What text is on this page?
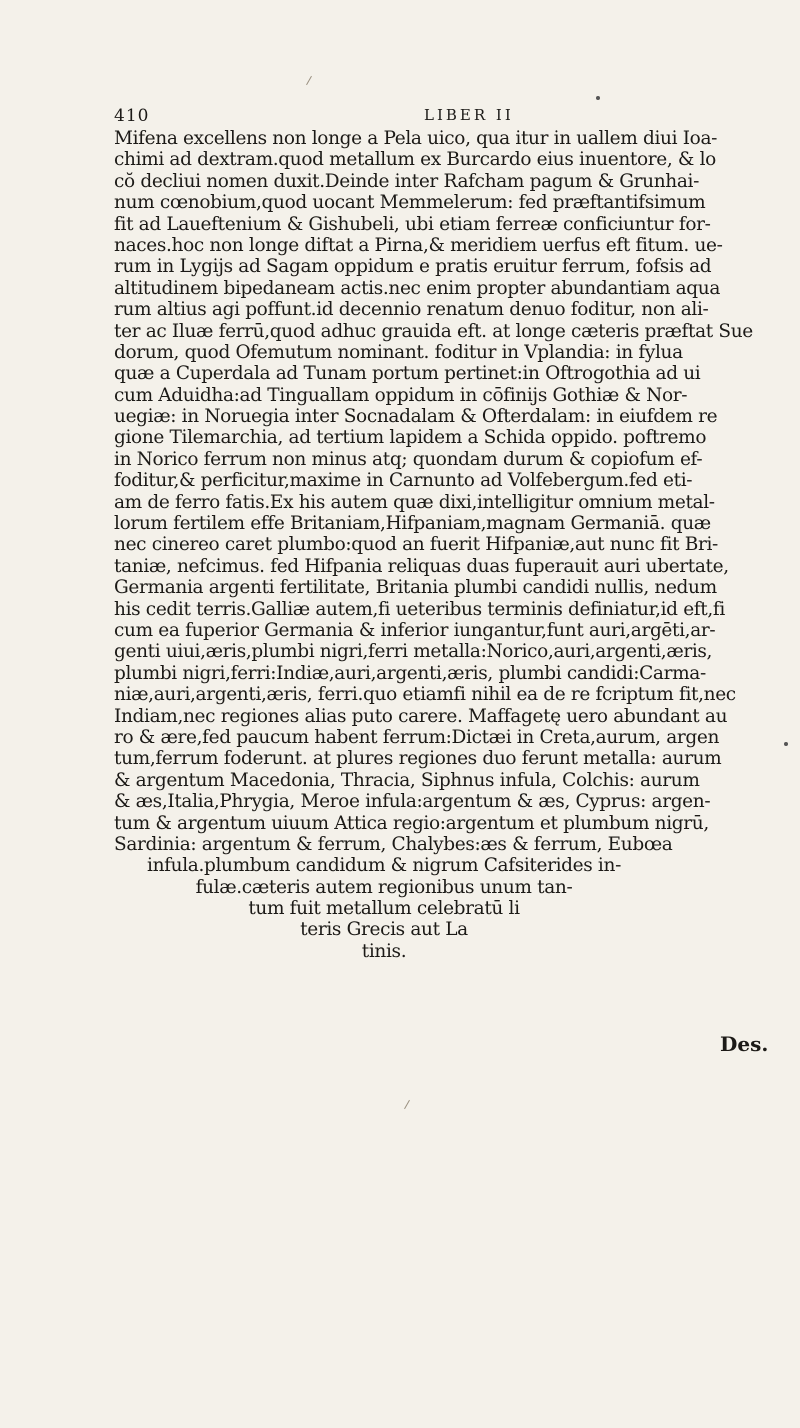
410	LIBER II
Mifena excellens non longe a Pela uico, qua itur in uallem diui Ioa-
chimi ad dextram.quod metallum ex Burcardo eius inuentore, & lo
cŏ decliui nomen duxit.Deinde inter Rafcham pagum & Grunhai-
num cœnobium,quod uocant Memmelerum: fed præftantifsimum
fit ad Laueftenium & Gishubeli, ubi etiam ferreæ conficiuntur for-
naces.hoc non longe diftat a Pirna,& meridiem uerfus eft fitum. ue-
rum in Lygijs ad Sagam oppidum e pratis eruitur ferrum, fofsis ad
altitudinem bipedaneam actis.nec enim propter abundantiam aqua
rum altius agi poffunt.id decennio renatum denuo foditur, non ali-
ter ac Iluæ ferrū,quod adhuc grauida eft. at longe cæteris præftat Sue
dorum, quod Ofemutum nominant. foditur in Vplandia: in fylua
quæ a Cuperdala ad Tunam portum pertinet:in Oftrogothia ad ui
cum Aduidha:ad Tinguallam oppidum in cōfinijs Gothiæ & Nor-
uegiæ: in Noruegia inter Socnadalam & Ofterdalam: in eiufdem re
gione Tilemarchia, ad tertium lapidem a Schida oppido. poftremo
in Norico ferrum non minus atq; quondam durum & copiofum ef-
foditur,& perficitur,maxime in Carnunto ad Volfebergum.fed eti-
am de ferro fatis.Ex his autem quæ dixi,intelligitur omnium metal-
lorum fertilem effe Britaniam,Hifpaniam,magnam Germaniā. quæ
nec cinereo caret plumbo:quod an fuerit Hifpaniæ,aut nunc fit Bri-
taniæ, nefcimus. fed Hifpania reliquas duas fuperauit auri ubertate,
Germania argenti fertilitate, Britania plumbi candidi nullis, nedum
his cedit terris.Galliæ autem,fi ueteribus terminis definiatur,id eft,fi
cum ea fuperior Germania & inferior iungantur,funt auri,argēti,ar-
genti uiui,æris,plumbi nigri,ferri metalla:Norico,auri,argenti,æris,
plumbi nigri,ferri:Indiæ,auri,argenti,æris, plumbi candidi:Carma-
niæ,auri,argenti,æris, ferri.quo etiamfi nihil ea de re fcriptum fit,nec
Indiam,nec regiones alias puto carere. Maffagetę uero abundant au
ro & ære,fed paucum habent ferrum:Dictæi in Creta,aurum, argen
tum,ferrum foderunt. at plures regiones duo ferunt metalla: aurum
& argentum Macedonia, Thracia, Siphnus infula, Colchis: aurum
& æs,Italia,Phrygia, Meroe infula:argentum & æs, Cyprus: argen-
tum & argentum uiuum Attica regio:argentum et plumbum nigrū,
Sardinia: argentum & ferrum, Chalybes:æs & ferrum, Eubœa
infula.plumbum candidum & nigrum Cafsiterides in-
fulæ.cæteris autem regionibus unum tan-
tum fuit metallum celebratū li
teris Grecis aut La
tinis.
Des.
